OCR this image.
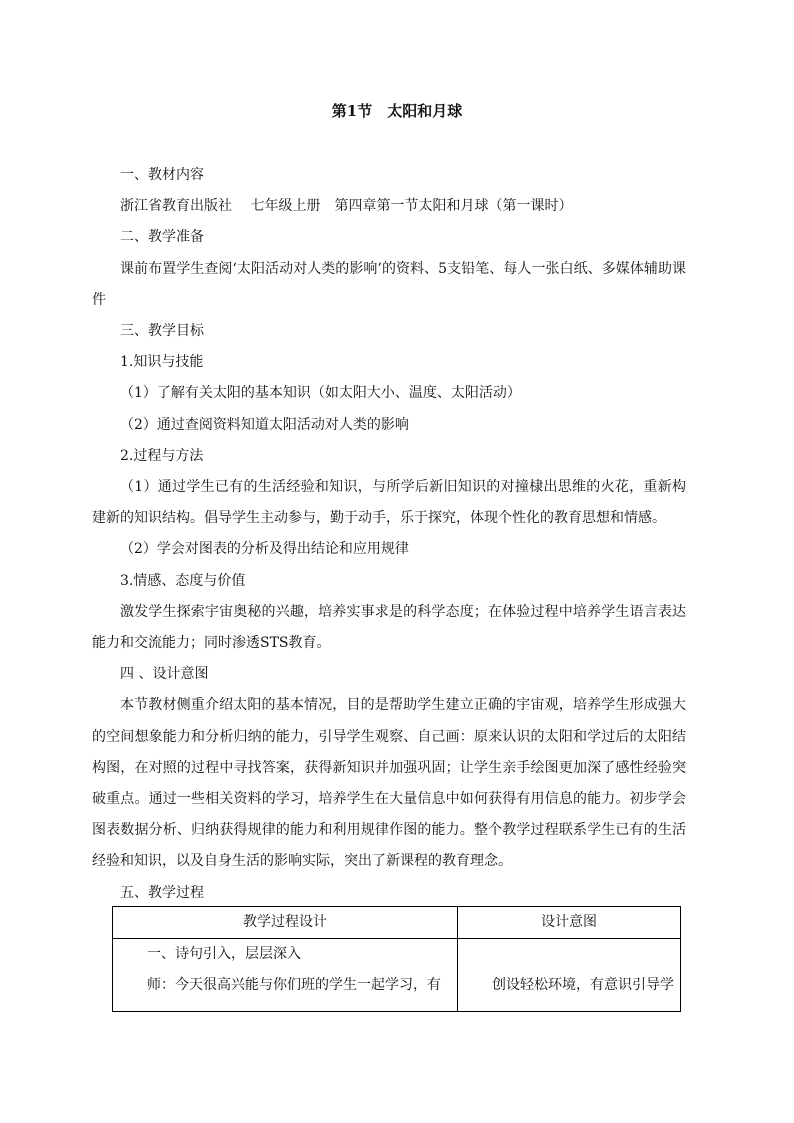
第1节　太阳和月球

一、教材内容

浙江省教育出版社　 七年级上册　第四章第一节太阳和月球（第一课时）

二、教学准备

课前布置学生查阅‘太阳活动对人类的影响’的资料、5支铅笔、每人一张白纸、多媒体辅助课件

三、教学目标

1.知识与技能

（1）了解有关太阳的基本知识（如太阳大小、温度、太阳活动）

（2）通过查阅资料知道太阳活动对人类的影响

2.过程与方法

（1）通过学生已有的生活经验和知识，与所学后新旧知识的对撞棣出思维的火花，重新构建新的知识结构。倡导学生主动参与，勤于动手，乐于探究，体现个性化的教育思想和情感。

（2）学会对图表的分析及得出结论和应用规律

3.情感、态度与价值

激发学生探索宇宙奥秘的兴趣，培养实事求是的科学态度；在体验过程中培养学生语言表达能力和交流能力；同时渗透STS教育。

四 、设计意图

本节教材侧重介绍太阳的基本情况，目的是帮助学生建立正确的宇宙观，培养学生形成强大的空间想象能力和分析归纳的能力，引导学生观察、自己画：原来认识的太阳和学过后的太阳结构图，在对照的过程中寻找答案，获得新知识并加强巩固；让学生亲手绘图更加深了感性经验突破重点。通过一些相关资料的学习，培养学生在大量信息中如何获得有用信息的能力。初步学会图表数据分析、归纳获得规律的能力和利用规律作图的能力。整个教学过程联系学生已有的生活经验和知识，以及自身生活的影响实际，突出了新课程的教育理念。

五、教学过程

教学过程设计	设计意图

一、诗句引入，层层深入
师：今天很高兴能与你们班的学生一起学习，有	创设轻松环境，有意识引导学
